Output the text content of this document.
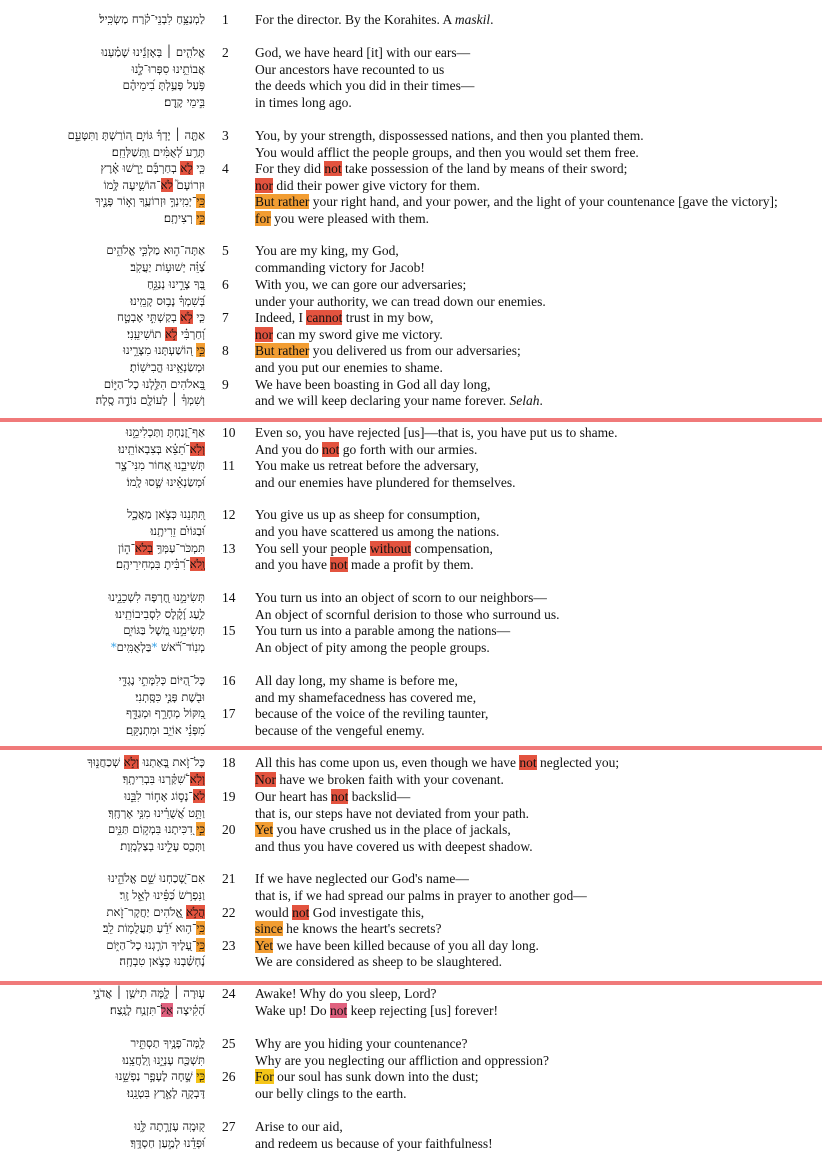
לַמְנַצֵּ֥חַ לִבְנֵי־קֹ֗רַח מַשְׂכִּֽיל׃ 1 For the director. By the Korahites. A maskil.
אֱלֹהִ֤ים ׀ בְּאָזְנֵ֬ינוּ שָׁמַ֗עְנוּ 2 God, we have heard [it] with our ears—
אֲבוֹתֵ֥ינוּ סִפְּרוּ־לָ֑נוּ	Our ancestors have recounted to us
פֹּ֥עַל פָּעַ֥לְתָּ בִ֝ימֵיהֶ֗ם	the deeds which you did in their times—
בִּ֣ימֵי קֶֽדֶם׃	in times long ago.
אַתָּ֤ה ׀ יָדְךָ֡ גּוֹיִ֣ם ה֭וֹרַשְׁתָּ וַתִּטָּעֵ֑ם 3 You, by your strength, dispossessed nations, and then you planted them.
תָּרַ֥ע לְ֝אֻמִּ֗ים וַֽתְּשַׁלְּחֵֽם׃	You would afflict the people groups, and then you would set them free.
כִּ֤י לֹ֪א בְחַרְבָּ֡ם יָ֥רְשׁוּ אָ֗רֶץ	4 For they did not take possession of the land by means of their sword;
וּזְרוֹעָם֮ לֹא־הוֹשִׁ֪יעָה לָּ֥מוֹ	nor did their power give victory for them.
כִּֽי־יְמִֽינְךָ֣ וּזְרוֹעֲךָ֭ וְא֣וֹר פָּנֶ֑יךָ	But rather your right hand, and your power, and the light of your countenance [gave the victory];
כִּ֣י רְצִיתָֽם׃	for you were pleased with them.
אַתָּה־ה֣וּא מַלְכִּ֣י אֱלֹהִ֑ים 5 You are my king, my God,
צַ֝וֵּ֗ה יְשׁוּע֥וֹת יַעֲקֹֽב׃	commanding victory for Jacob!
בְּ֭ךָ צָרֵ֣ינוּ נְנַגֵּ֑חַ 6 With you, we can gore our adversaries;
בְּ֝שִׁמְךָ֗ נָב֥וּס קָמֵֽינוּ׃	under your authority, we can tread down our enemies.
כִּ֤י לֹ֣א בְקַשְׁתִּ֣י אֶבְטָ֑ח	7 Indeed, I cannot trust in my bow,
וְ֝חַרְבִּ֗י לֹ֣א תוֹשִׁיעֵֽנִי׃	nor can my sword give me victory.
כִּ֣י ה֭וֹשַׁעְתָּנוּ מִצָּרֵ֑ינוּ	8 But rather you delivered us from our adversaries;
וּמְשַׂנְאֵ֥ינוּ הֱבִישֽׁוֹתָ׃	and you put our enemies to shame.
בֵּ֭אלֹהִים הִלַּ֣לְנוּ כָל־הַיּ֑וֹם 9 We have been boasting in God all day long,
וְשִׁמְךָ֓ ׀ לְעוֹלָ֖ם נוֹדֶ֣ה סֶֽלָה׃	and we will keep declaring your name forever. Selah.
אַף־זָ֭נַחְתָּ וַתַּכְלִימֵ֑נוּ 10 Even so, you have rejected [us]—that is, you have put us to shame.
וְלֹֽא־תֵ֝צֵ֗א בְּצִבְאוֹתֵֽינוּ׃	And you do not go forth with our armies.
תְּשִׁיבֵ֣נוּ אָ֭חוֹר מִנִּי־צָ֑ר 11 You make us retreat before the adversary,
וּ֝מְשַׂנְאֵ֗ינוּ שָׁ֣סוּ לָֽמוֹ׃	and our enemies have plundered for themselves.
תִּ֭תְּנֵנוּ כְּצֹ֣אן מַאֲכָ֑ל 12 You give us up as sheep for consumption,
וּ֝בַגּוֹיִ֗ם זֵרִיתָֽנוּ׃	and you have scattered us among the nations.
תִּמְכֹּר־עַמְּךָ֥ בְלֹא־ה֑וֹן	13 You sell your people without compensation,
וְֽלֹא־רִ֝בִּ֗יתָ בִּמְחִירֵיהֶֽם׃	and you have not made a profit by them.
תְּשִׂימֵ֣נוּ חֶ֭רְפָּה לִשְׁכֵנֵ֑ינוּ 14 You turn us into an object of scorn to our neighbors—
לַ֥עַג וָ֝קֶ֗לֶס לִסְבִיבוֹתֵֽינוּ׃	An object of scornful derision to those who surround us.
תְּשִׂימֵ֣נוּ מָ֭שָׁל בַּגּוֹיִ֑ם 15 You turn us into a parable among the nations—
מְנֽוֹד־רֹ֝֗אשׁ *בַּלְאֻמִּֽים*	An object of pity among the people groups.
כָּל־הַ֭יּוֹם כְּלִמָּתִ֣י נֶגְדִּ֑י 16 All day long, my shame is before me,
וּבֹ֖שֶׁת פָּנַ֣י כִּסָּֽתְנִי׃	and my shamefacedness has covered me,
מִ֭קּוֹל מְחָרֵ֣ף וּמְגַדֵּ֑ף 17 because of the voice of the reviling taunter,
מִ֝פְּנֵ֗י אוֹיֵ֥ב וּמִתְנַקֵּֽם׃	because of the vengeful enemy.
כָּל־זֹ֣את בָּ֭אַתְנוּ וְלֹ֣א שְׁכַחֲנ֑וּךָ	18 All this has come upon us, even though we have not neglected you;
וְלֹֽא־שִׁ֝קַּ֗רְנוּ בִּבְרִיתֶֽךָ׃	Nor have we broken faith with your covenant.
לֹא־נָס֣וֹג אָח֣וֹר לִבֵּ֑נוּ	19 Our heart has not backslid—
וַתֵּ֥ט אֲ֝שֻׁרֵ֗ינוּ מִנִּ֥י אָרְחֶֽךָ׃	that is, our steps have not deviated from your path.
כִּ֣י דִ֭כִּיתָנוּ בִּמְק֣וֹם תַּנִּ֑ים	20 Yet you have crushed us in the place of jackals,
וַתְּכַ֖ס עָלֵ֣ינוּ בְצַלְמָֽוֶת׃	and thus you have covered us with deepest shadow.
אִם־שָׁ֭כַחְנוּ שֵׁ֣ם אֱלֹהֵ֑ינוּ 21 If we have neglected our God's name—
וַנִּפְרֹ֥שׂ כַּ֝פֵּ֗ינוּ לְאֵ֣ל זָֽר׃	that is, if we had spread our palms in prayer to another god—
הֲלֹ֣א אֱ֭לֹהִים יַחֲקָר־זֹ֑את	22 would not God investigate this,
כִּֽי־ה֥וּא יֹ֝דֵ֗עַ תַּעֲלֻמ֥וֹת לֵֽב׃	since he knows the heart's secrets?
כִּֽי־עָ֭לֶיךָ הֹרַ֣גְנוּ כָל־הַיּ֑וֹם	23 Yet we have been killed because of you all day long.
נֶ֝חְשַׁ֗בְנוּ כְּצֹ֣אן טִבְחָֽה׃	We are considered as sheep to be slaughtered.
ע֤וּרָה ׀ לָ֖מָּה תִישַׁ֥ן ׀ אֲדֹנָ֑י 24 Awake! Why do you sleep, Lord?
הָ֝קִ֗יצָה אַל־תִּזְנַ֥ח לָנֶֽצַח׃	Wake up! Do not keep rejecting [us] forever!
לָֽמָּה־פָנֶ֥יךָ תַסְתִּ֑יר 25 Why are you hiding your countenance?
תִּשְׁכַּ֖ח עָנְיֵ֣נוּ וְֽלַחֲצֵֽנוּ׃	Why are you neglecting our affliction and oppression?
כִּ֤י שָׁ֣חָה לֶעָפָ֣ר נַפְשֵׁ֑נוּ	26 For our soul has sunk down into the dust;
דָּבְקָ֖ה לָאָ֣רֶץ בִּטְנֵֽנוּ׃	our belly clings to the earth.
ק֭וּמָֽה עֶזְרָ֣תָה לָּ֑נוּ 27 Arise to our aid,
וּ֝פְדֵ֗נוּ לְמַ֣עַן חַסְדֶּֽךָ׃	and redeem us because of your faithfulness!
